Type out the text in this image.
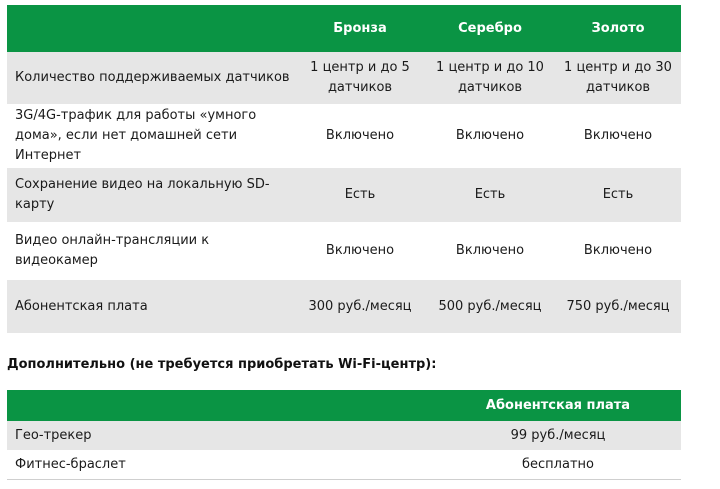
	Бронза	Серебро	Золото
Количество поддерживаемых датчиков	1 центр и до 5 датчиков	1 центр и до 10 датчиков	1 центр и до 30 датчиков
3G/4G-трафик для работы «умного дома», если нет домашней сети Интернет	Включено	Включено	Включено
Сохранение видео на локальную SD-карту	Есть	Есть	Есть
Видео онлайн-трансляции к видеокамер	Включено	Включено	Включено
Абонентская плата	300 руб./месяц	500 руб./месяц	750 руб./месяц
Дополнительно (не требуется приобретать Wi-Fi-центр):
	Абонентская плата
Гео-трекер	99 руб./месяц
Фитнес-браслет	бесплатно
